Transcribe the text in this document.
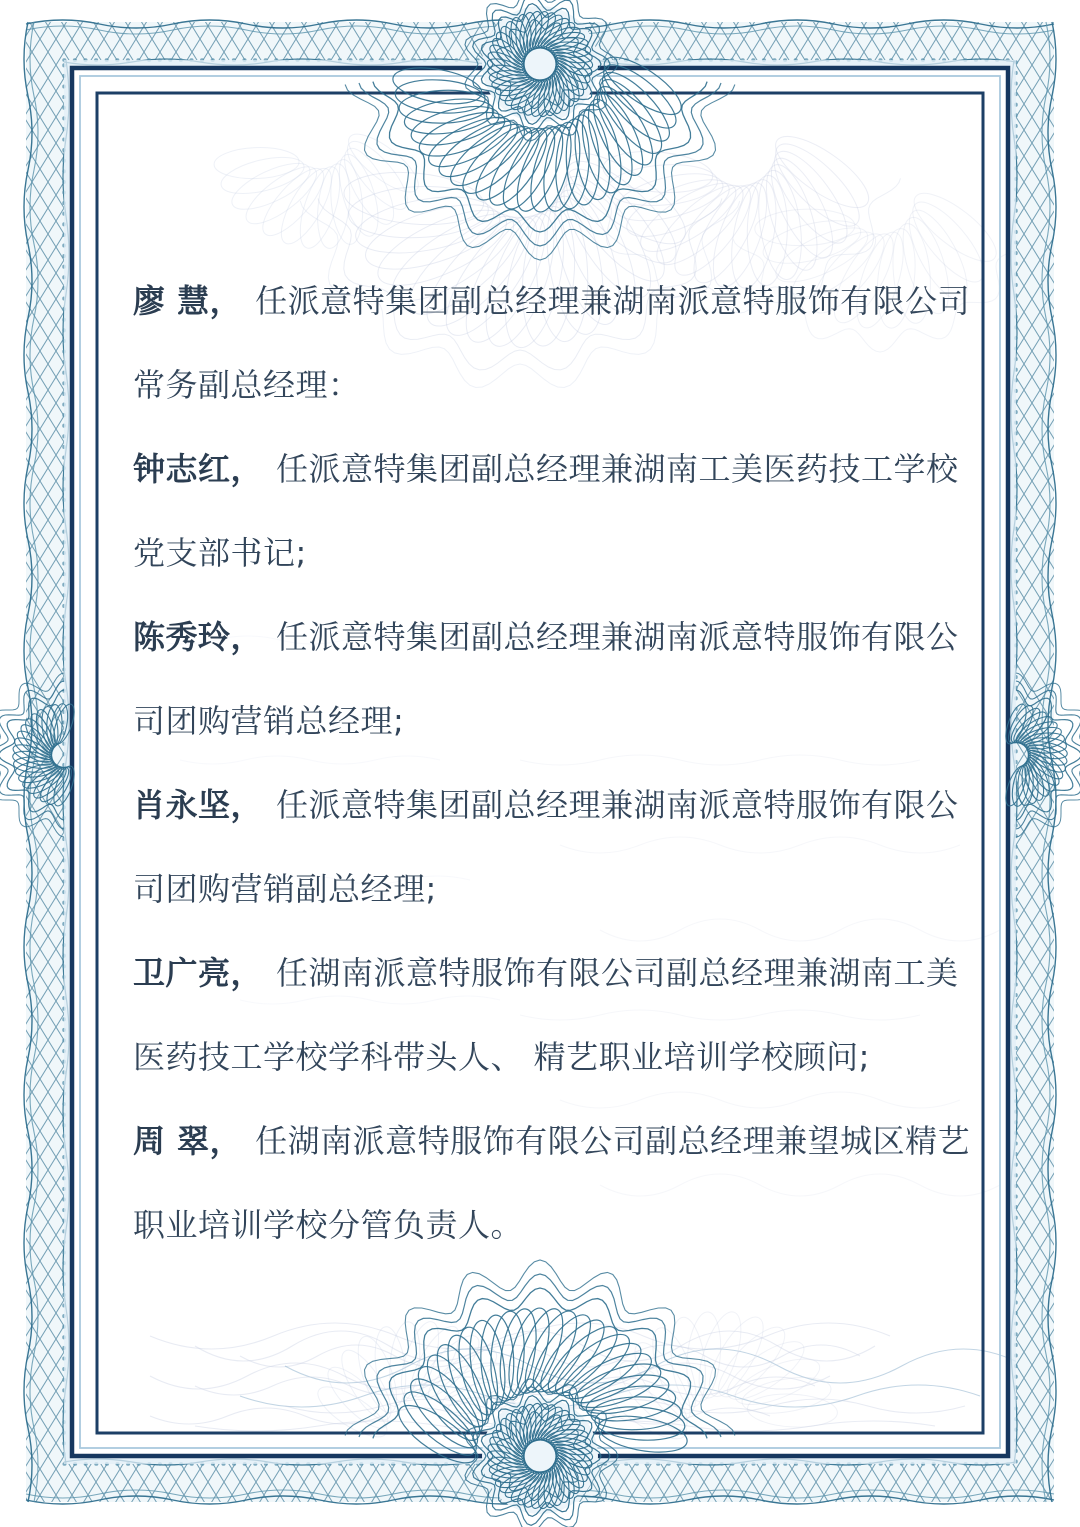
廖 慧， 任派意特集团副总经理兼湖南派意特服饰有限公司
常务副总经理：

钟志红， 任派意特集团副总经理兼湖南工美医药技工学校
党支部书记;

陈秀玲， 任派意特集团副总经理兼湖南派意特服饰有限公
司团购营销总经理;

肖永坚， 任派意特集团副总经理兼湖南派意特服饰有限公
司团购营销副总经理;

卫广亮， 任湖南派意特服饰有限公司副总经理兼湖南工美
医药技工学校学科带头人、 精艺职业培训学校顾问;

周 翠， 任湖南派意特服饰有限公司副总经理兼望城区精艺
职业培训学校分管负责人。
